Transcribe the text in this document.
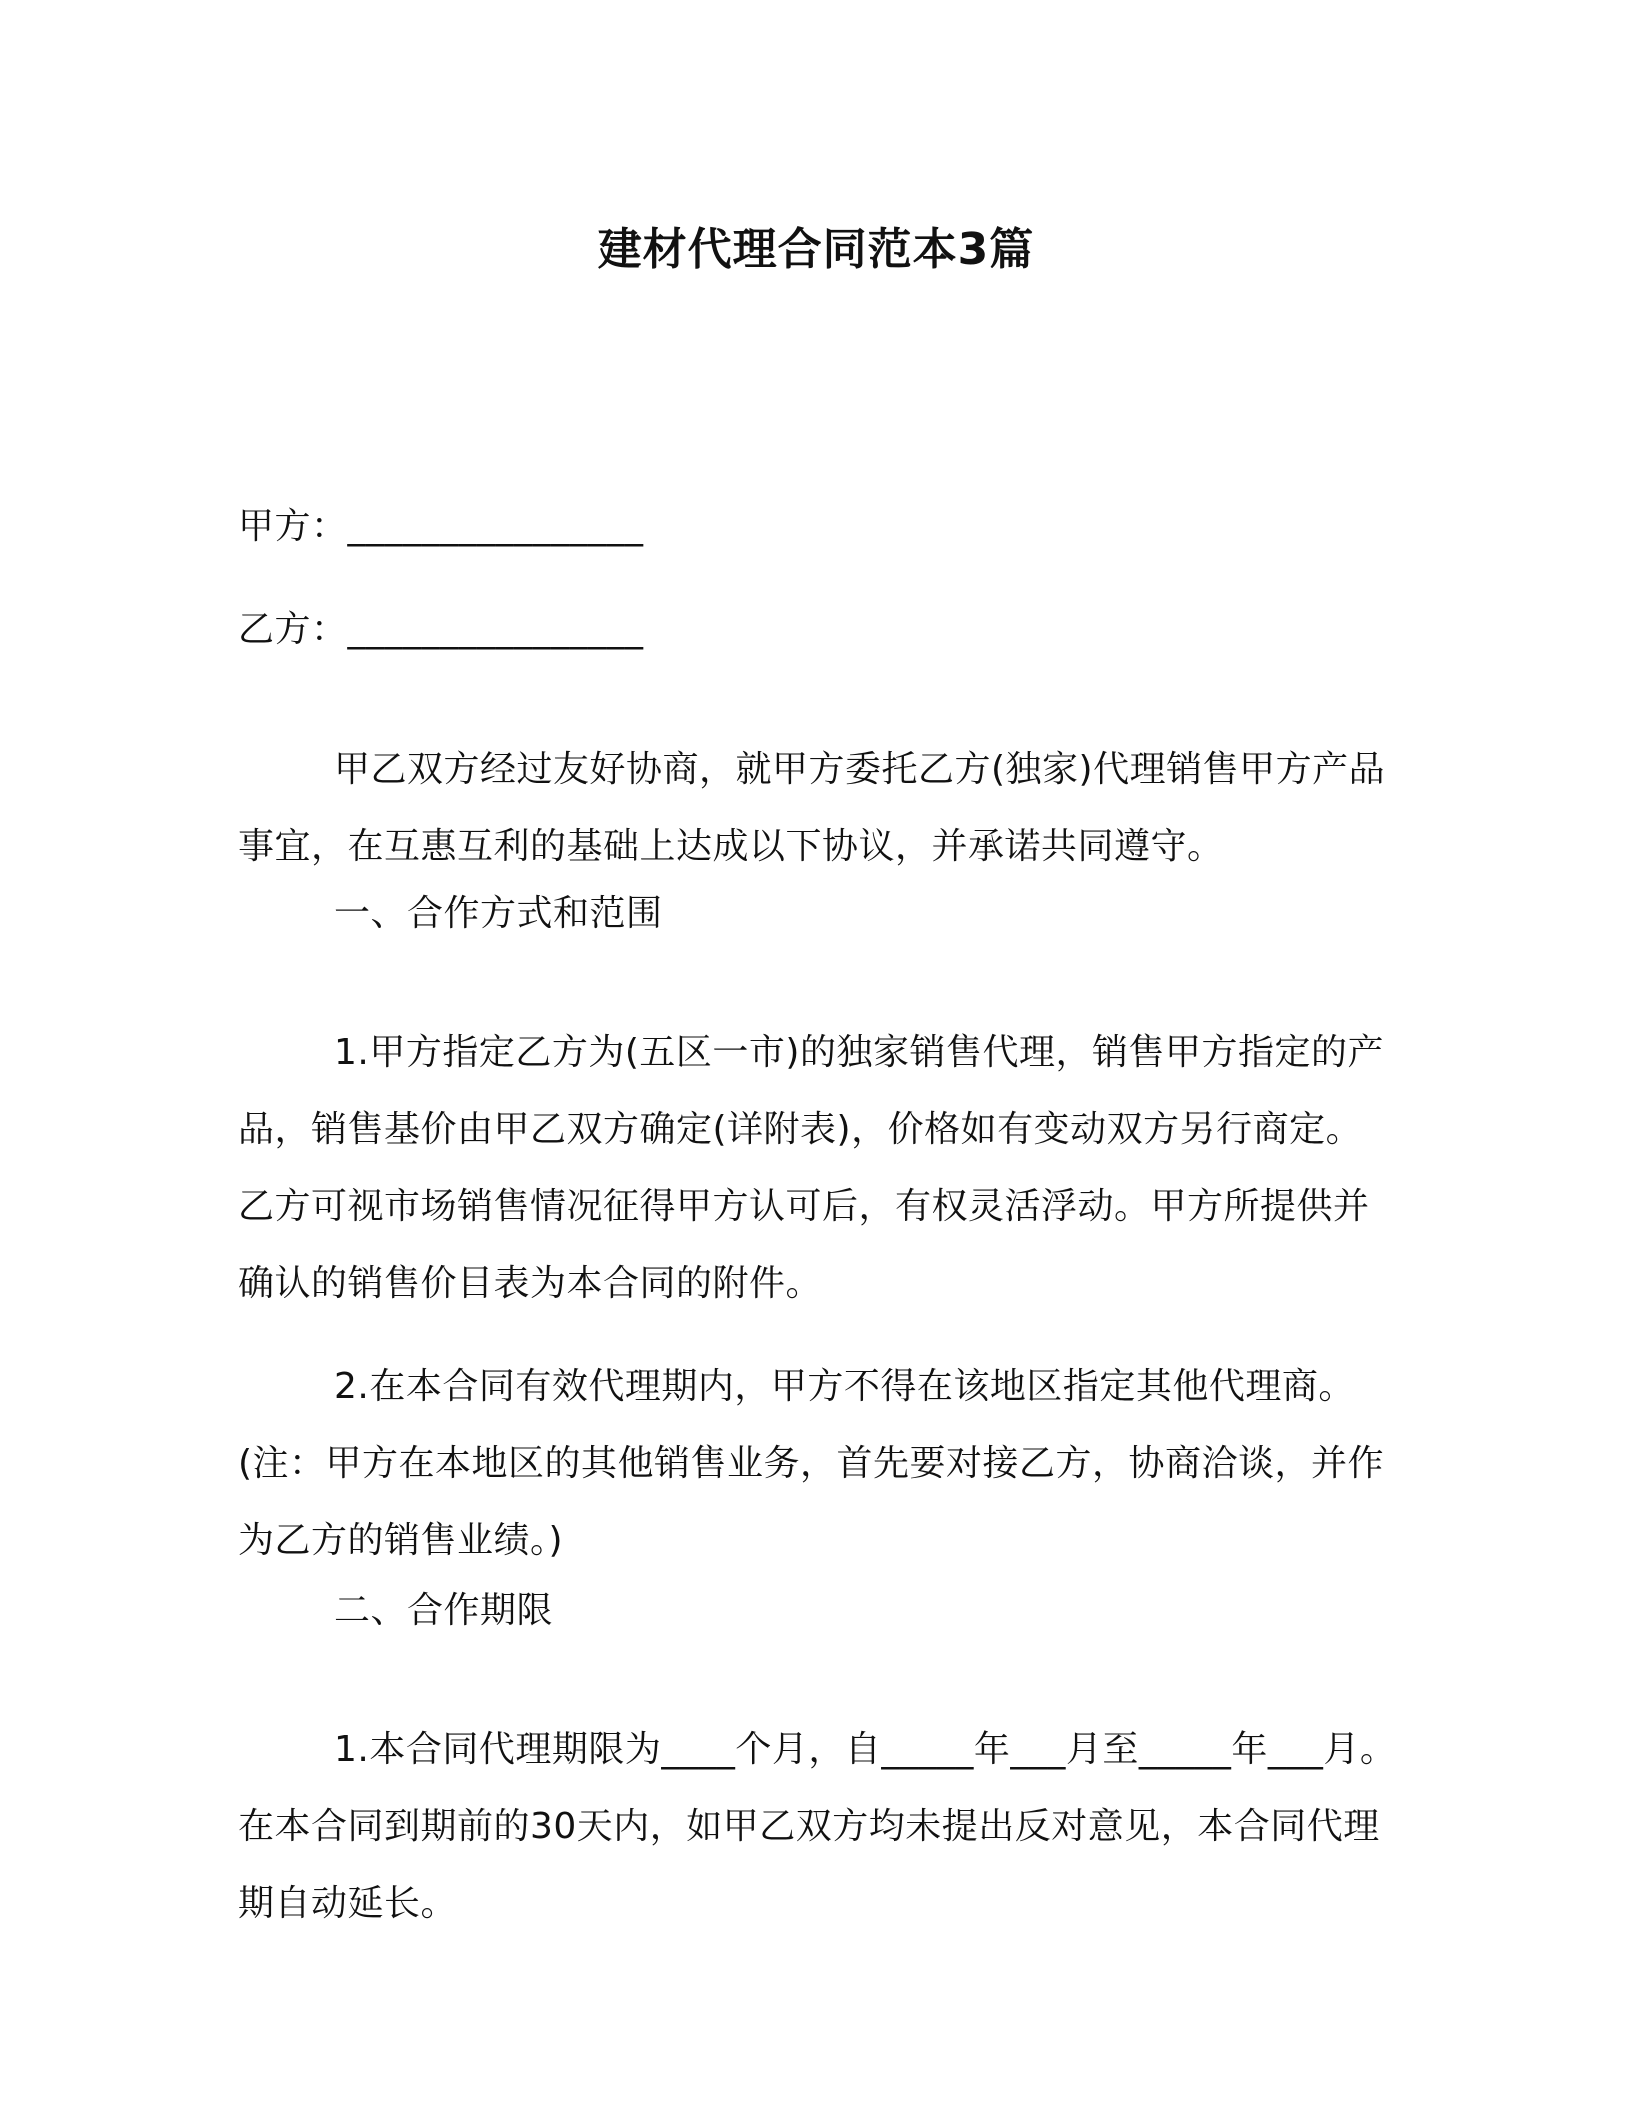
建材代理合同范本3篇
甲方：________________
乙方：________________

甲乙双方经过友好协商，就甲方委托乙方(独家)代理销售甲方产品事宜，在互惠互利的基础上达成以下协议，并承诺共同遵守。

一、合作方式和范围

1.甲方指定乙方为(五区一市)的独家销售代理，销售甲方指定的产品，销售基价由甲乙双方确定(详附表)，价格如有变动双方另行商定。乙方可视市场销售情况征得甲方认可后，有权灵活浮动。甲方所提供并确认的销售价目表为本合同的附件。

2.在本合同有效代理期内，甲方不得在该地区指定其他代理商。(注：甲方在本地区的其他销售业务，首先要对接乙方，协商洽谈，并作为乙方的销售业绩。)

二、合作期限

1.本合同代理期限为____个月，自_____年___月至_____年___月。在本合同到期前的30天内，如甲乙双方均未提出反对意见，本合同代理期自动延长。
